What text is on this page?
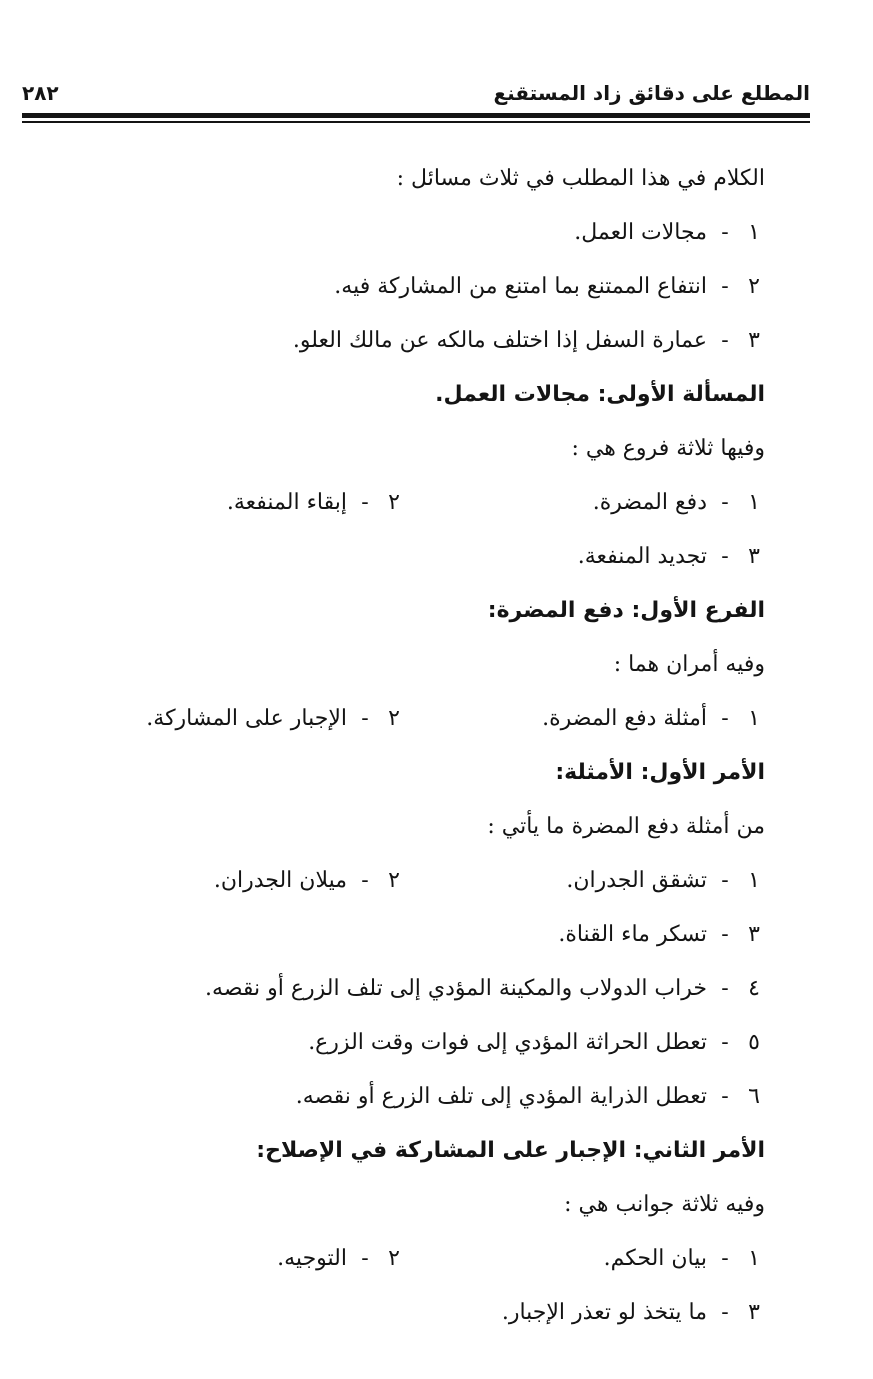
المطلع على دقائق زاد المستقنع
٢٨٢
الكلام في هذا المطلب في ثلاث مسائل :
١ - مجالات العمل.
٢ - انتفاع الممتنع بما امتنع من المشاركة فيه.
٣ - عمارة السفل إذا اختلف مالكه عن مالك العلو.
المسألة الأولى: مجالات العمل.
وفيها ثلاثة فروع هي :
١ - دفع المضرة.
٢ - إبقاء المنفعة.
٣ - تجديد المنفعة.
الفرع الأول: دفع المضرة:
وفيه أمران هما :
١ - أمثلة دفع المضرة.
٢ - الإجبار على المشاركة.
الأمر الأول: الأمثلة:
من أمثلة دفع المضرة ما يأتي :
١ - تشقق الجدران.
٢ - ميلان الجدران.
٣ - تسكر ماء القناة.
٤ - خراب الدولاب والمكينة المؤدي إلى تلف الزرع أو نقصه.
٥ - تعطل الحراثة المؤدي إلى فوات وقت الزرع.
٦ - تعطل الذراية المؤدي إلى تلف الزرع أو نقصه.
الأمر الثاني: الإجبار على المشاركة في الإصلاح:
وفيه ثلاثة جوانب هي :
١ - بيان الحكم.
٢ - التوجيه.
٣ - ما يتخذ لو تعذر الإجبار.
